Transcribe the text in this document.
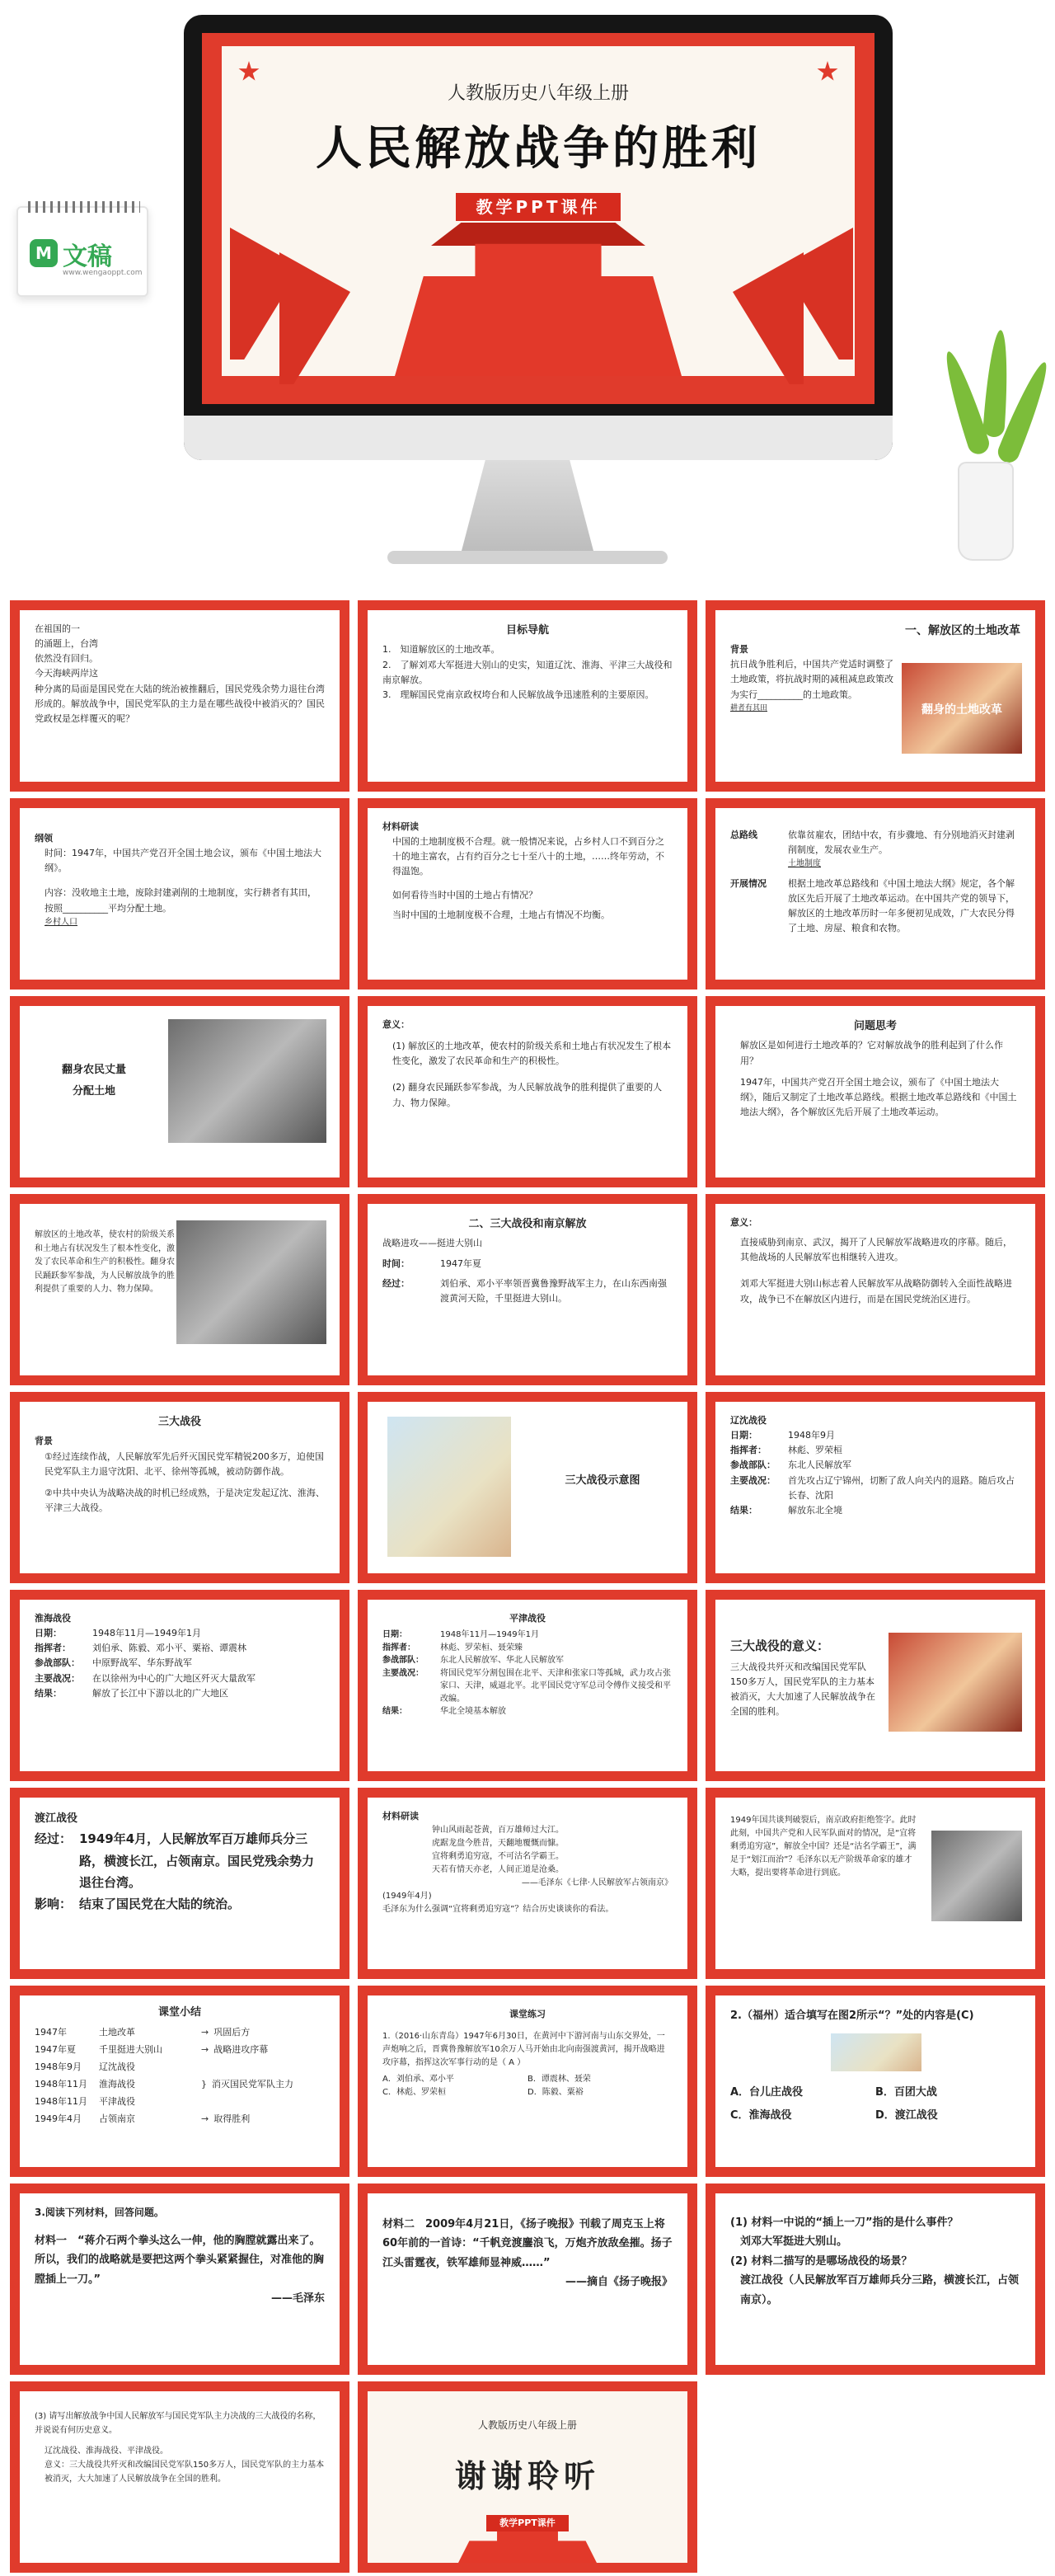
M 文稿
www.wengaoppt.com
人教版历史八年级上册
人民解放战争的胜利
教学PPT课件
在祖国的一
的涌题上，台湾
依然没有回归。
今天海峡两岸这
种分离的局面是国民党在大陆的统治被推翻后，国民党残余势力退往台湾形成的。解放战争中，国民党军队的主力是在哪些战役中被消灭的？国民党政权是怎样覆灭的呢？
目标导航
1.　知道解放区的土地改革。
2.　了解刘邓大军挺进大别山的史实，知道辽沈、淮海、平津三大战役和南京解放。
3.　理解国民党南京政权垮台和人民解放战争迅速胜利的主要原因。
一、解放区的土地改革
背景
抗日战争胜利后，中国共产党适时调整了土地政策，将抗战时期的减租减息政策改为实行__________的土地政策。
耕者有其田	翻身的土地改革
纲领
时间：1947年，中国共产党召开全国土地会议，颁布《中国土地法大纲》。
内容：没收地主土地，废除封建剥削的土地制度，实行耕者有其田，按照__________平均分配土地。
乡村人口
材料研读
中国的土地制度极不合理。就一般情况来说，占乡村人口不到百分之十的地主富农，占有约百分之七十至八十的土地，……终年劳动，不得温饱。
如何看待当时中国的土地占有情况？
当时中国的土地制度极不合理，土地占有情况不均衡。
总路线	依靠贫雇农，团结中农，有步骤地、有分别地消灭封建剥削制度，发展农业生产。
土地制度
开展情况	根据土地改革总路线和《中国土地法大纲》规定，各个解放区先后开展了土地改革运动。在中国共产党的领导下，解放区的土地改革历时一年多便初见成效，广大农民分得了土地、房屋、粮食和农物。
翻身农民丈量
分配土地
意义：
(1) 解放区的土地改革，使农村的阶级关系和土地占有状况发生了根本性变化，激发了农民革命和生产的积极性。
(2) 翻身农民踊跃参军参战，为人民解放战争的胜利提供了重要的人力、物力保障。
问题思考
解放区是如何进行土地改革的？它对解放战争的胜利起到了什么作用？
1947年，中国共产党召开全国土地会议，颁布了《中国土地法大纲》，随后又制定了土地改革总路线。根据土地改革总路线和《中国土地法大纲》，各个解放区先后开展了土地改革运动。
解放区的土地改革，使农村的阶级关系和土地占有状况发生了根本性变化，激发了农民革命和生产的积极性。翻身农民踊跃参军参战，为人民解放战争的胜利提供了重要的人力、物力保障。
二、三大战役和南京解放
战略进攻——挺进大别山
时间：	1947年夏
经过：	刘伯承、邓小平率领晋冀鲁豫野战军主力，在山东西南强渡黄河天险，千里挺进大别山。
意义：
直接威胁到南京、武汉，揭开了人民解放军战略进攻的序幕。随后，其他战场的人民解放军也相继转入进攻。
刘邓大军挺进大别山标志着人民解放军从战略防御转入全面性战略进攻，战争已不在解放区内进行，而是在国民党统治区进行。
三大战役
背景
①经过连续作战，人民解放军先后歼灭国民党军精锐200多万，迫使国民党军队主力退守沈阳、北平、徐州等孤城，被动防御作战。
②中共中央认为战略决战的时机已经成熟，于是决定发起辽沈、淮海、平津三大战役。
三大战役示意图
辽沈战役
日期：	1948年9月
指挥者：	林彪、罗荣桓
参战部队：	东北人民解放军
主要战况：	首先攻占辽宁锦州，切断了敌人向关内的退路。随后攻占长春、沈阳
结果：	解放东北全境
淮海战役
日期：	1948年11月—1949年1月
指挥者：	刘伯承、陈毅、邓小平、粟裕、谭震林
参战部队：	中原野战军、华东野战军
主要战况：	在以徐州为中心的广大地区歼灭大量敌军
结果：	解放了长江中下游以北的广大地区
平津战役
日期：	1948年11月—1949年1月
指挥者：	林彪、罗荣桓、聂荣臻
参战部队：	东北人民解放军、华北人民解放军
主要战况：	将国民党军分割包围在北平、天津和张家口等孤城，武力攻占张家口、天津，威逼北平。北平国民党守军总司令傅作义接受和平改编。
结果：	华北全境基本解放
三大战役的意义：
三大战役共歼灭和改编国民党军队150多万人，国民党军队的主力基本被消灭，大大加速了人民解放战争在全国的胜利。
渡江战役
经过： 1949年4月，人民解放军百万雄师兵分三路，横渡长江，占领南京。国民党残余势力退往台湾。
影响： 结束了国民党在大陆的统治。
材料研读
钟山风雨起苍黄，百万雄师过大江。
虎踞龙盘今胜昔，天翻地覆慨而慷。
宜将剩勇追穷寇，不可沽名学霸王。
天若有情天亦老，人间正道是沧桑。
——毛泽东《七律·人民解放军占领南京》
(1949年4月)
毛泽东为什么强调“宜将剩勇追穷寇”？结合历史谈谈你的看法。
1949年国共谈判破裂后，南京政府拒绝签字。此时此刻，中国共产党和人民军队面对的情况，是“宜将剩勇追穷寇”，解放全中国？还是“沽名学霸王”，满足于“划江而治”？毛泽东以无产阶级革命家的雄才大略，提出要将革命进行到底。
课堂小结
1947年	土地改革	→ 巩固后方
1947年夏	千里挺进大别山	→ 战略进攻序幕
1948年9月	辽沈战役
1948年11月	淮海战役	} 消灭国民党军队主力
1948年11月	平津战役
1949年4月	占领南京	→ 取得胜利
课堂练习
1.（2016·山东青岛）1947年6月30日，在黄河中下游河南与山东交界处，一声炮响之后，晋冀鲁豫解放军10余万人马开始由北向南强渡黄河，揭开战略进攻序幕，指挥这次军事行动的是（ A ）
A．刘伯承、邓小平	B．谭震林、聂荣
C．林彪、罗荣桓	D．陈毅、粟裕
2.（福州）适合填写在图2所示“？”处的内容是(C)
A．台儿庄战役	B．百团大战
C．淮海战役	D．渡江战役
3.阅读下列材料，回答问题。
材料一　“蒋介石两个拳头这么一伸，他的胸膛就露出来了。所以，我们的战略就是要把这两个拳头紧紧握住，对准他的胸膛插上一刀。”
——毛泽东
材料二　2009年4月21日，《扬子晚报》刊载了周克玉上将60年前的一首诗：“千帆竞渡鏖浪飞，万炮齐放敌垒摧。扬子江头雷霆夜，铁军雄师显神威……”
——摘自《扬子晚报》
(1) 材料一中说的“插上一刀”指的是什么事件？
刘邓大军挺进大别山。
(2) 材料二描写的是哪场战役的场景？
渡江战役（人民解放军百万雄师兵分三路，横渡长江，占领南京）。
(3) 请写出解放战争中国人民解放军与国民党军队主力决战的三大战役的名称，并说说有何历史意义。
辽沈战役、淮海战役、平津战役。
意义：三大战役共歼灭和改编国民党军队150多万人，国民党军队的主力基本被消灭，大大加速了人民解放战争在全国的胜利。
人教版历史八年级上册
谢谢聆听
教学PPT课件
